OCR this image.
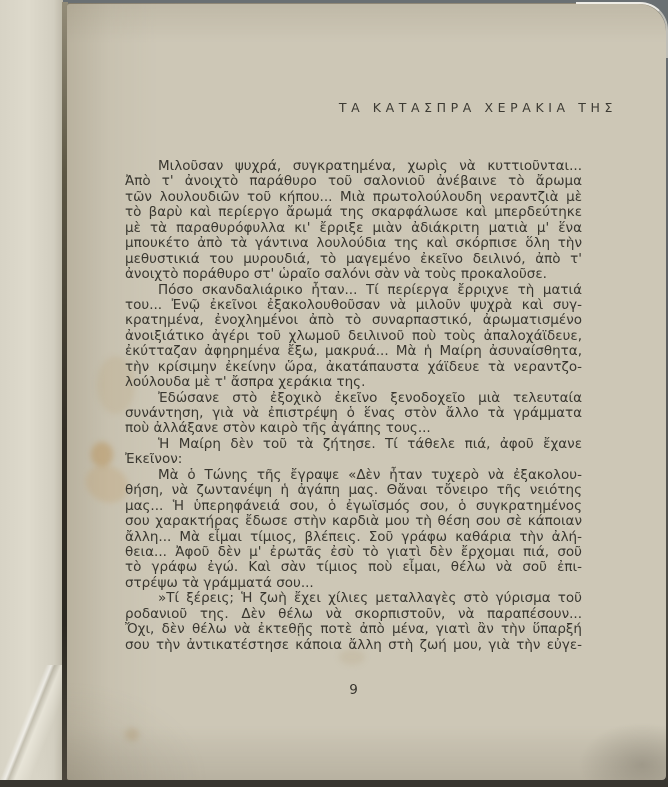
ΤΑ ΚΑΤΑΣΠΡΑ ΧΕΡΑΚΙΑ ΤΗΣ
Μιλοῦσαν ψυχρά, συγκρατημένα, χωρὶς νὰ κυττιοῦνται...
Ἀπὸ τ' ἀνοιχτὸ παράθυρο τοῦ σαλονιοῦ ἀνέβαινε τὸ ἄρωμα
τῶν λουλουδιῶν τοῦ κήπου... Μιὰ πρωτολούλουδη νεραντζιὰ μὲ
τὸ βαρὺ καὶ περίεργο ἄρωμά της σκαρφάλωσε καὶ μπερδεύτηκε
μὲ τὰ παραθυρόφυλλα κι' ἔρριξε μιὰν ἀδιάκριτη ματιὰ μ' ἕνα
μπουκέτο ἀπὸ τὰ γάντινα λουλούδια της καὶ σκόρπισε ὅλη τὴν
μεθυστικιά του μυρουδιά, τὸ μαγεμένο ἐκεῖνο δειλινό, ἀπὸ τ'
ἀνοιχτὸ ποράθυρο στ' ὡραῖο σαλόνι σὰν νὰ τοὺς προκαλοῦσε.
Πόσο σκανδαλιάρικο ἦταν... Τί περίεργα ἔρριχνε τὴ ματιά
του... Ἐνῷ ἐκεῖνοι ἐξακολουθοῦσαν νὰ μιλοῦν ψυχρὰ καὶ συγ-
κρατημένα, ἐνοχλημένοι ἀπὸ τὸ συναρπαστικό, ἀρωματισμένο
ἀνοιξιάτικο ἀγέρι τοῦ χλωμοῦ δειλινοῦ ποὺ τοὺς ἀπαλοχάϊδευε,
ἐκύτταζαν ἀφηρημένα ἔξω, μακρυά... Μὰ ἡ Μαίρη ἀσυναίσθητα,
τὴν κρίσιμην ἐκείνην ὥρα, ἀκατάπαυστα χάϊδευε τὰ νεραντζο-
λούλουδα μὲ τ' ἄσπρα χεράκια της.
Ἐδώσανε στὸ ἐξοχικὸ ἐκεῖνο ξενοδοχεῖο μιὰ τελευταία
συνάντηση, γιὰ νὰ ἐπιστρέψη ὁ ἕνας στὸν ἄλλο τὰ γράμματα
ποὺ ἀλλάξανε στὸν καιρὸ τῆς ἀγάπης τους...
Ἡ Μαίρη δὲν τοῦ τὰ ζήτησε. Τί τάθελε πιά, ἀφοῦ ἔχανε
Ἐκεῖνον:
Μὰ ὁ Τώνης τῆς ἔγραψε «Δὲν ἦταν τυχερὸ νὰ ἐξακολου-
θήση, νὰ ζωντανέψη ἡ ἀγάπη μας. Θἄναι τὄνειρο τῆς νειότης
μας... Ἡ ὑπερηφάνειά σου, ὁ ἐγωϊσμός σου, ὁ συγκρατημένος
σου χαρακτήρας ἔδωσε στὴν καρδιὰ μου τὴ θέση σου σὲ κάποιαν
ἄλλη... Μὰ εἶμαι τίμιος, βλέπεις. Σοῦ γράφω καθάρια τὴν ἀλή-
θεια... Ἀφοῦ δὲν μ' ἐρωτᾶς ἐσὺ τὸ γιατὶ δὲν ἔρχομαι πιά, σοῦ
τὸ γράφω ἐγώ. Καὶ σὰν τίμιος ποὺ εἶμαι, θέλω νὰ σοῦ ἐπι-
στρέψω τὰ γράμματά σου...
»Τί ξέρεις; Ἡ ζωὴ ἔχει χίλιες μεταλλαγὲς στὸ γύρισμα τοῦ
ροδανιοῦ της. Δὲν θέλω νὰ σκορπιστοῦν, νὰ παραπέσουν...
Ὄχι, δὲν θέλω νὰ ἐκτεθῇς ποτὲ ἀπὸ μένα, γιατὶ ἂν τὴν ὕπαρξή
σου τὴν ἀντικατέστησε κάποια ἄλλη στὴ ζωή μου, γιὰ τὴν εὐγε-
9
